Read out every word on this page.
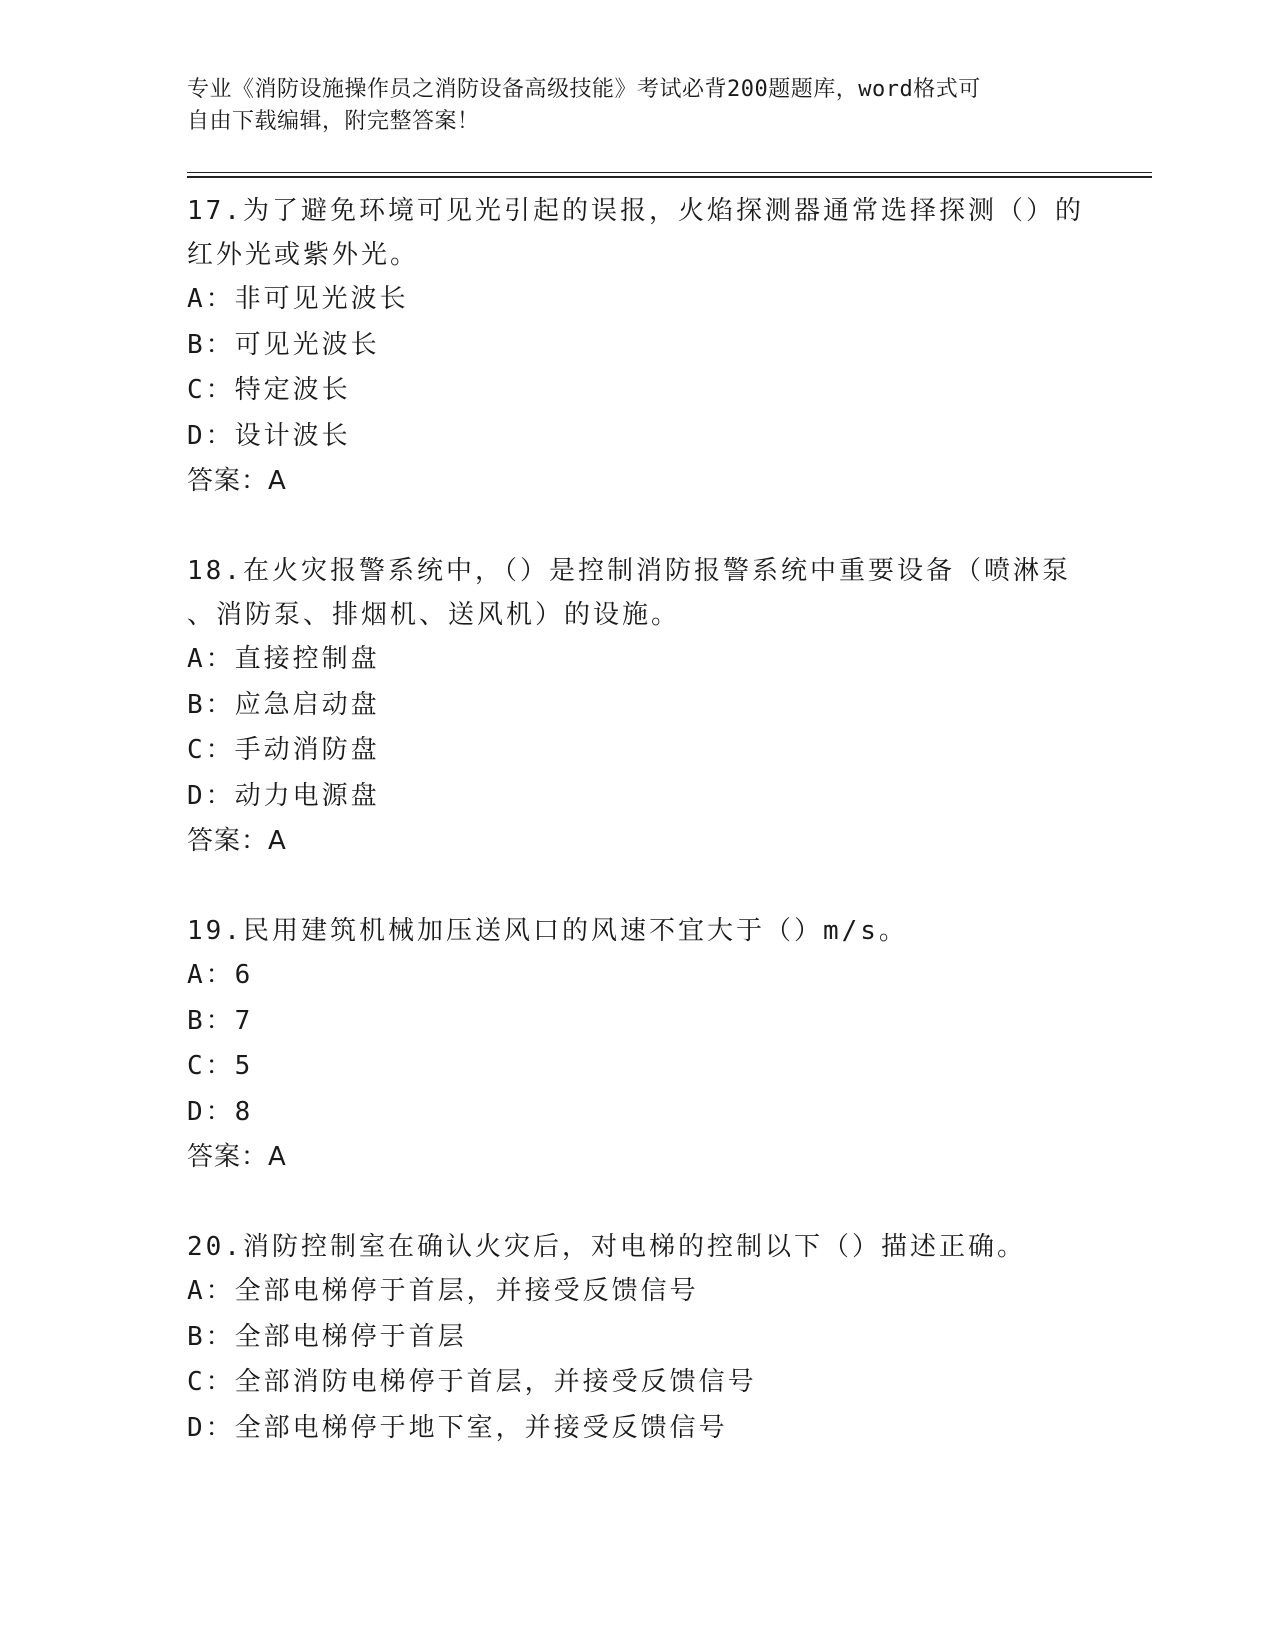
专业《消防设施操作员之消防设备高级技能》考试必背200题题库，word格式可
自由下载编辑，附完整答案！
17.为了避免环境可见光引起的误报，火焰探测器通常选择探测（）的
红外光或紫外光。
A：非可见光波长
B：可见光波长
C：特定波长
D：设计波长
答案：A
18.在火灾报警系统中，（）是控制消防报警系统中重要设备（喷淋泵
、消防泵、排烟机、送风机）的设施。
A：直接控制盘
B：应急启动盘
C：手动消防盘
D：动力电源盘
答案：A
19.民用建筑机械加压送风口的风速不宜大于（）m/s。
A：6
B：7
C：5
D：8
答案：A
20.消防控制室在确认火灾后，对电梯的控制以下（）描述正确。
A：全部电梯停于首层，并接受反馈信号
B：全部电梯停于首层
C：全部消防电梯停于首层，并接受反馈信号
D：全部电梯停于地下室，并接受反馈信号
